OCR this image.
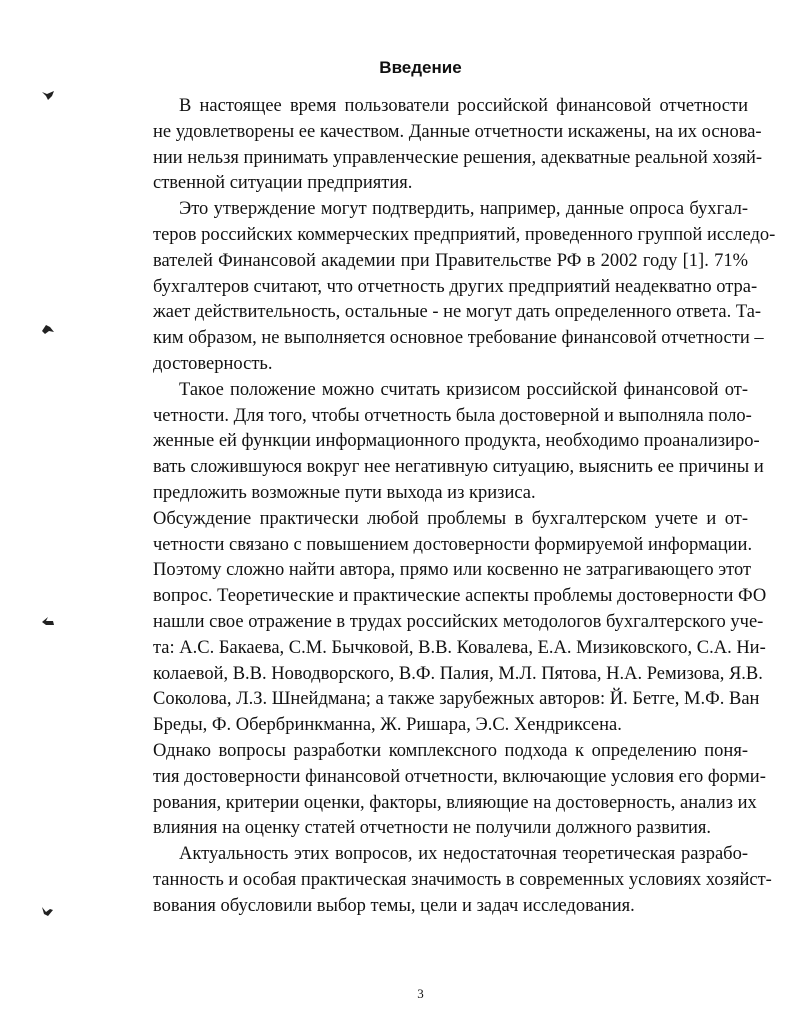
Введение
В настоящее время пользователи российской финансовой отчетности
не удовлетворены ее качеством. Данные отчетности искажены, на их основа-
нии нельзя принимать управленческие решения, адекватные реальной хозяй-
ственной ситуации предприятия.
Это утверждение могут подтвердить, например, данные опроса бухгал-
теров российских коммерческих предприятий, проведенного группой исследо-
вателей Финансовой академии при Правительстве РФ в 2002 году [1]. 71%
бухгалтеров считают, что отчетность других предприятий неадекватно отра-
жает действительность, остальные - не могут дать определенного ответа. Та-
ким образом, не выполняется основное требование финансовой отчетности –
достоверность.
Такое положение можно считать кризисом российской финансовой от-
четности. Для того, чтобы отчетность была достоверной и выполняла поло-
женные ей функции информационного продукта, необходимо проанализиро-
вать сложившуюся вокруг нее негативную ситуацию, выяснить ее причины и
предложить возможные пути выхода из кризиса.
Обсуждение практически любой проблемы в бухгалтерском учете и от-
четности связано с повышением достоверности формируемой информации.
Поэтому сложно найти автора, прямо или косвенно не затрагивающего этот
вопрос. Теоретические и практические аспекты проблемы достоверности ФО
нашли свое отражение в трудах российских методологов бухгалтерского уче-
та: А.С. Бакаева, С.М. Бычковой, В.В. Ковалева, Е.А. Мизиковского, С.А. Ни-
колаевой, В.В. Новодворского, В.Ф. Палия, М.Л. Пятова, Н.А. Ремизова, Я.В.
Соколова, Л.З. Шнейдмана; а также зарубежных авторов: Й. Бетге, М.Ф. Ван
Бреды, Ф. Обербринкманна, Ж. Ришара, Э.С. Хендриксена.
Однако вопросы разработки комплексного подхода к определению поня-
тия достоверности финансовой отчетности, включающие условия его форми-
рования, критерии оценки, факторы, влияющие на достоверность, анализ их
влияния на оценку статей отчетности не получили должного развития.
Актуальность этих вопросов, их недостаточная теоретическая разрабо-
танность и особая практическая значимость в современных условиях хозяйст-
вования обусловили выбор темы, цели и задач исследования.
3
